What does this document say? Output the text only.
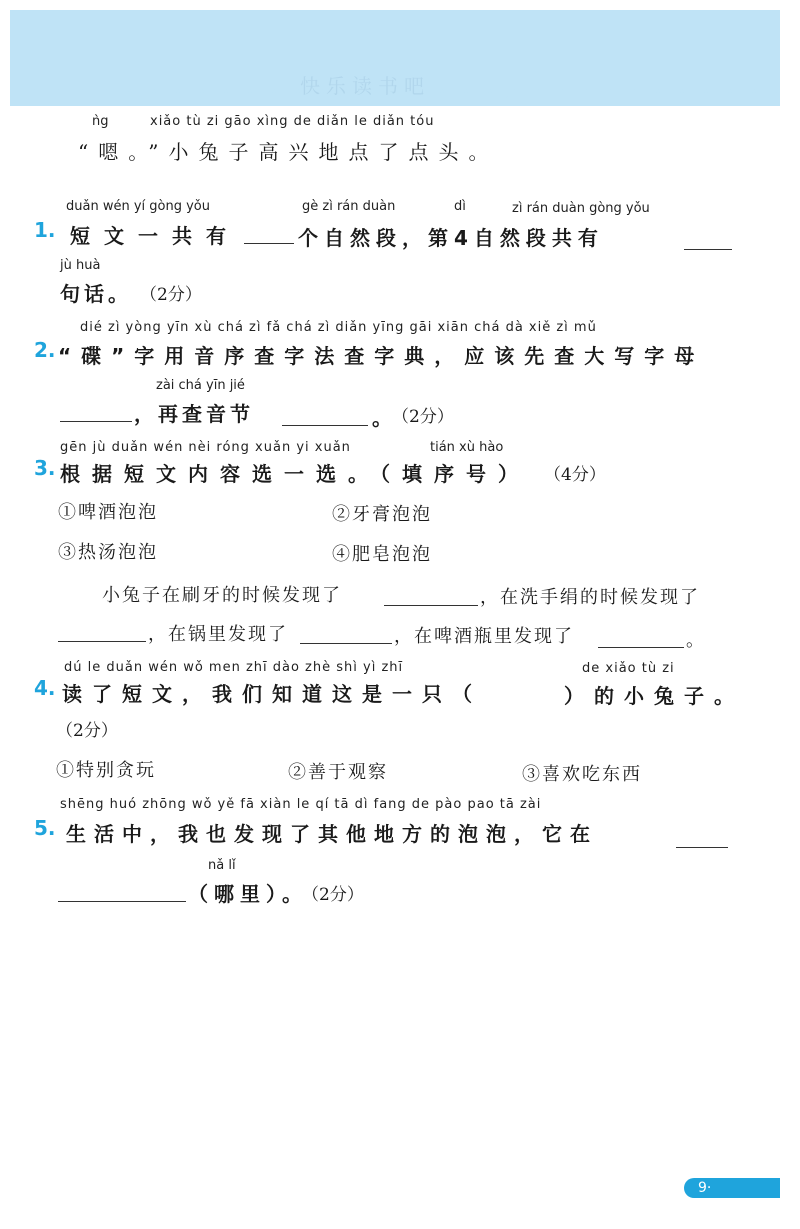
快乐读书吧
ǹg	xiǎo tù zi gāo xìng de diǎn le diǎn tóu
“嗯。”小兔子高兴地点了点头。
duǎn wén yí gòng yǒu	gè zì rán duàn	dì	zì rán duàn gòng yǒu
1. 短文一共有	个自然段，第4自然段共有
jù huà
句话。 （2分）
dié zì yòng yīn xù chá zì fǎ chá zì diǎn yīng gāi xiān chá dà xiě zì mǔ
2. “碟”字用音序查字法查字典，应该先查大写字母
zài chá yīn jié
，再查音节	。
（2分）
gēn jù duǎn wén nèi róng xuǎn yi xuǎn	tián xù hào
3. 根据短文内容选一选。（填序号） （4分）
①啤酒泡泡	②牙膏泡泡
③热汤泡泡	④肥皂泡泡
小兔子在刷牙的时候发现了	，在洗手绢的时候发现了
，在锅里发现了	，在啤酒瓶里发现了	。
dú le duǎn wén wǒ men zhī dào zhè shì yì zhī	de xiǎo tù zi
4. 读了短文，我们知道这是一只（	）的小兔子。
（2分）
①特别贪玩	②善于观察	③喜欢吃东西
shēng huó zhōng wǒ yě fā xiàn le qí tā dì fang de pào pao tā zài
5. 生活中，我也发现了其他地方的泡泡，它在
nǎ lǐ
（哪里）。
（2分）
9·
